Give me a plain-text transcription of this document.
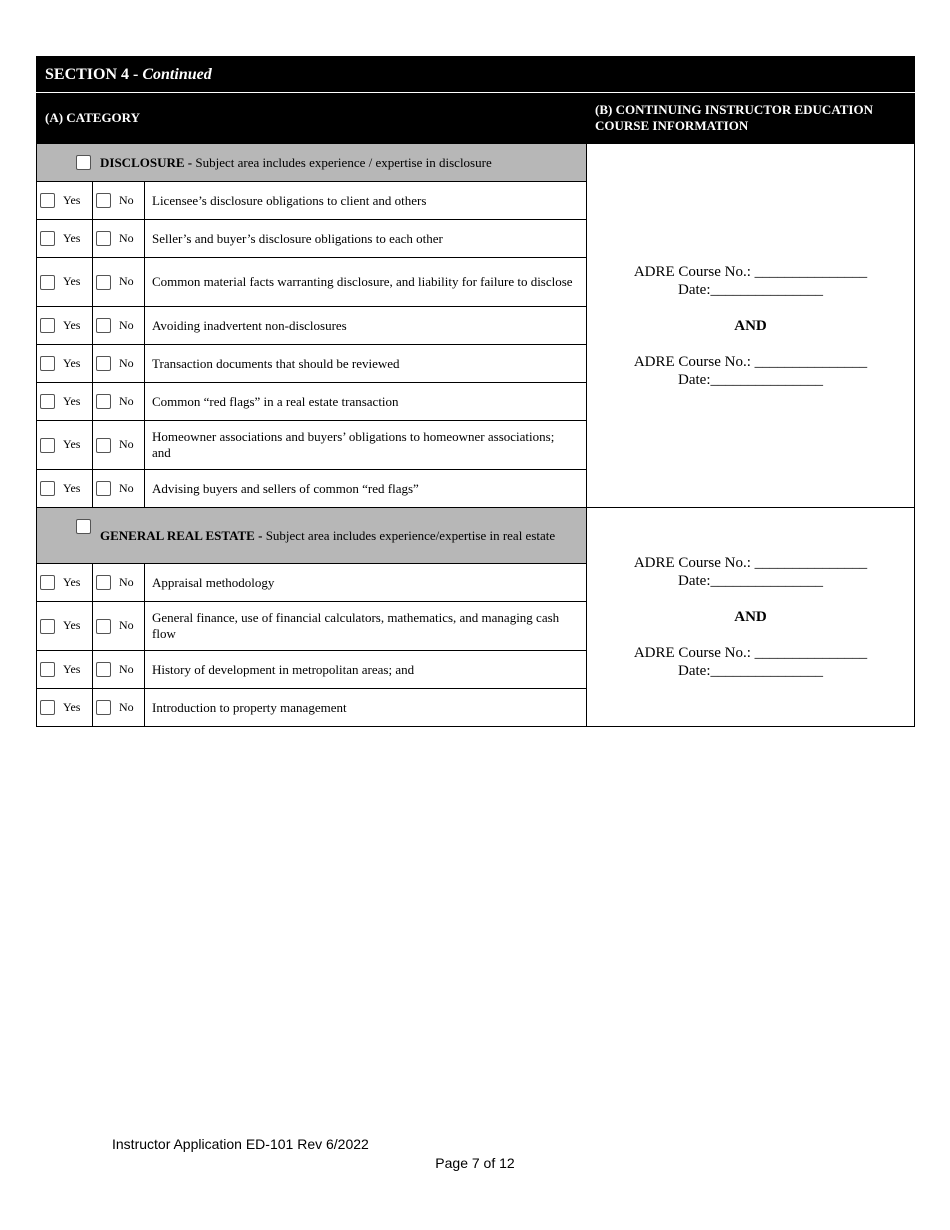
SECTION 4 - Continued			
(A) CATEGORY			(B) CONTINUING INSTRUCTOR EDUCATION COURSE INFORMATION

DISCLOSURE - Subject area includes experience / expertise in disclosure			ADRE Course No.: _______________
Date:_______________
AND
ADRE Course No.: _______________
Date:_______________

Yes	No	Licensee’s disclosure obligations to client and others	
Yes	No	Seller’s and buyer’s disclosure obligations to each other	
Yes	No	Common material facts warranting disclosure, and liability for failure to disclose	
Yes	No	Avoiding inadvertent non-disclosures	
Yes	No	Transaction documents that should be reviewed	
Yes	No	Common “red flags” in a real estate transaction	
Yes	No	Homeowner associations and buyers’ obligations to homeowner associations; and	
Yes	No	Advising buyers and sellers of common “red flags”	

GENERAL REAL ESTATE - Subject area includes experience/expertise in real estate			ADRE Course No.: _______________
Date:_______________
AND
ADRE Course No.: _______________
Date:_______________

Yes	No	Appraisal methodology	
Yes	No	General finance, use of financial calculators, mathematics, and managing cash flow	
Yes	No	History of development in metropolitan areas; and	
Yes	No	Introduction to property management	
Instructor Application ED-101 Rev 6/2022
Page 7 of 12
